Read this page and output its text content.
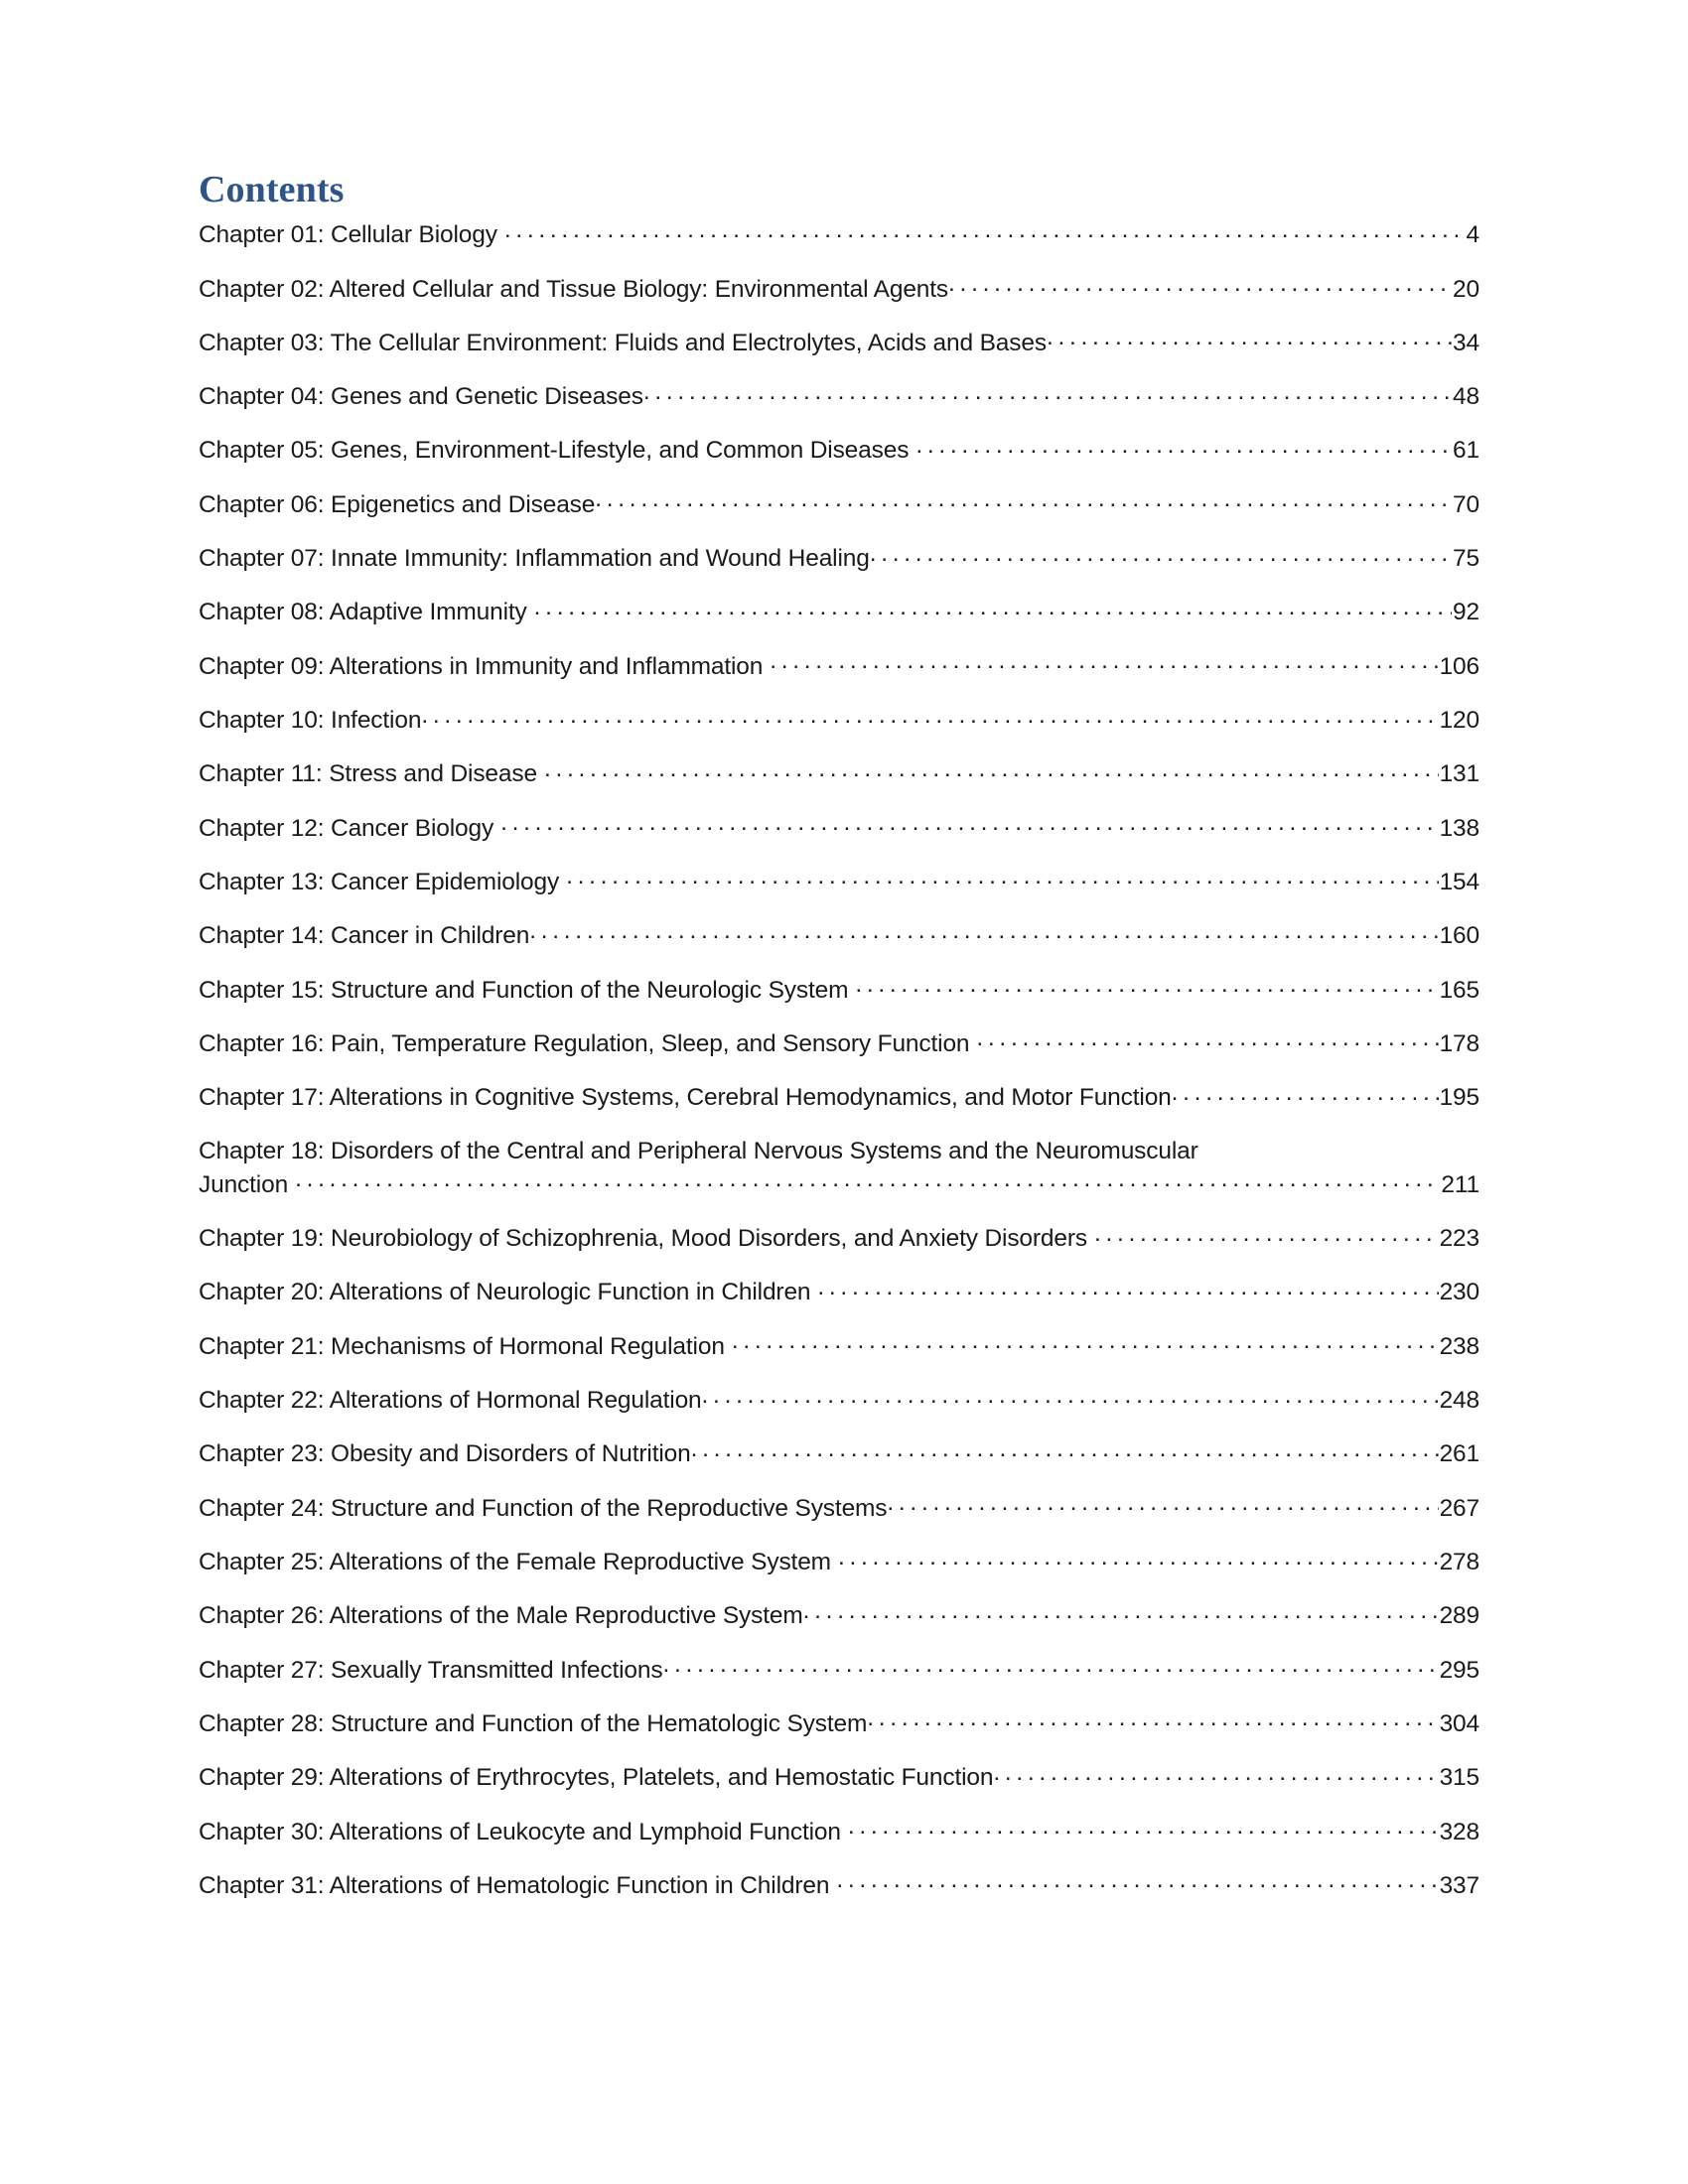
Contents
Chapter 01: Cellular Biology . . .	4
Chapter 02: Altered Cellular and Tissue Biology: Environmental Agents . . .	20
Chapter 03: The Cellular Environment: Fluids and Electrolytes, Acids and Bases . . .	34
Chapter 04: Genes and Genetic Diseases . . .	48
Chapter 05: Genes, Environment-Lifestyle, and Common Diseases . . .	61
Chapter 06: Epigenetics and Disease . . .	70
Chapter 07: Innate Immunity: Inflammation and Wound Healing . . .	75
Chapter 08: Adaptive Immunity . . .	92
Chapter 09: Alterations in Immunity and Inflammation . . .	106
Chapter 10: Infection . . .	120
Chapter 11: Stress and Disease . . .	131
Chapter 12: Cancer Biology . . .	138
Chapter 13: Cancer Epidemiology . . .	154
Chapter 14: Cancer in Children . . .	160
Chapter 15: Structure and Function of the Neurologic System . . .	165
Chapter 16: Pain, Temperature Regulation, Sleep, and Sensory Function . . .	178
Chapter 17: Alterations in Cognitive Systems, Cerebral Hemodynamics, and Motor Function . . .	195
Chapter 18: Disorders of the Central and Peripheral Nervous Systems and the Neuromuscular
Junction . . .	211
Chapter 19: Neurobiology of Schizophrenia, Mood Disorders, and Anxiety Disorders . . .	223
Chapter 20: Alterations of Neurologic Function in Children . . .	230
Chapter 21: Mechanisms of Hormonal Regulation . . .	238
Chapter 22: Alterations of Hormonal Regulation . . .	248
Chapter 23: Obesity and Disorders of Nutrition . . .	261
Chapter 24: Structure and Function of the Reproductive Systems . . .	267
Chapter 25: Alterations of the Female Reproductive System . . .	278
Chapter 26: Alterations of the Male Reproductive System . . .	289
Chapter 27: Sexually Transmitted Infections . . .	295
Chapter 28: Structure and Function of the Hematologic System . . .	304
Chapter 29: Alterations of Erythrocytes, Platelets, and Hemostatic Function . . .	315
Chapter 30: Alterations of Leukocyte and Lymphoid Function . . .	328
Chapter 31: Alterations of Hematologic Function in Children . . .	337
